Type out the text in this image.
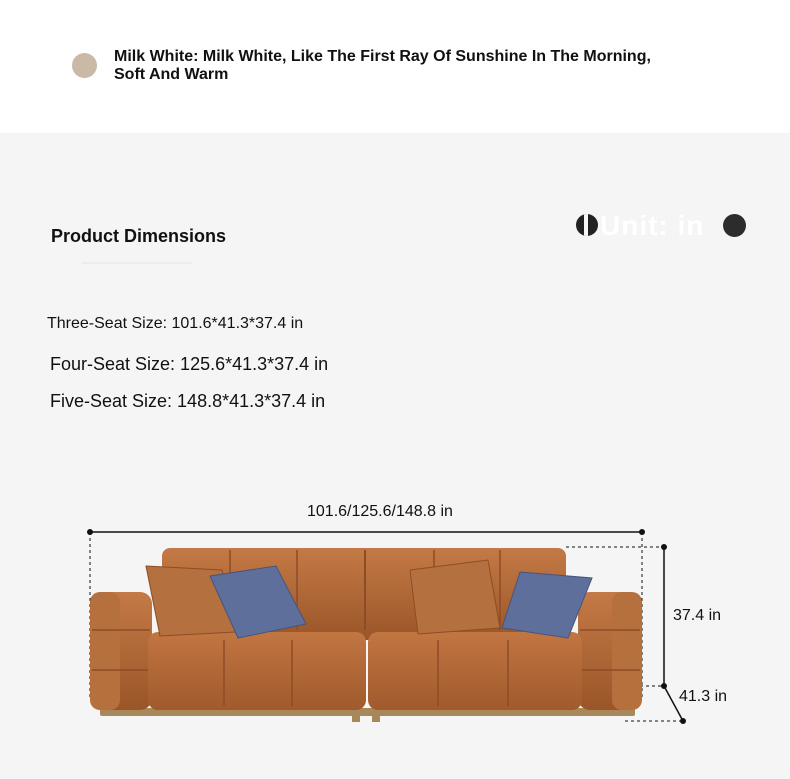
Milk White: Milk White, Like The First Ray Of Sunshine In The Morning, Soft And Warm
Product Dimensions	Unit: in
Three-Seat Size: 101.6*41.3*37.4 in
Four-Seat Size: 125.6*41.3*37.4 in
Five-Seat Size: 148.8*41.3*37.4 in
101.6/125.6/148.8 in
37.4 in
41.3 in
